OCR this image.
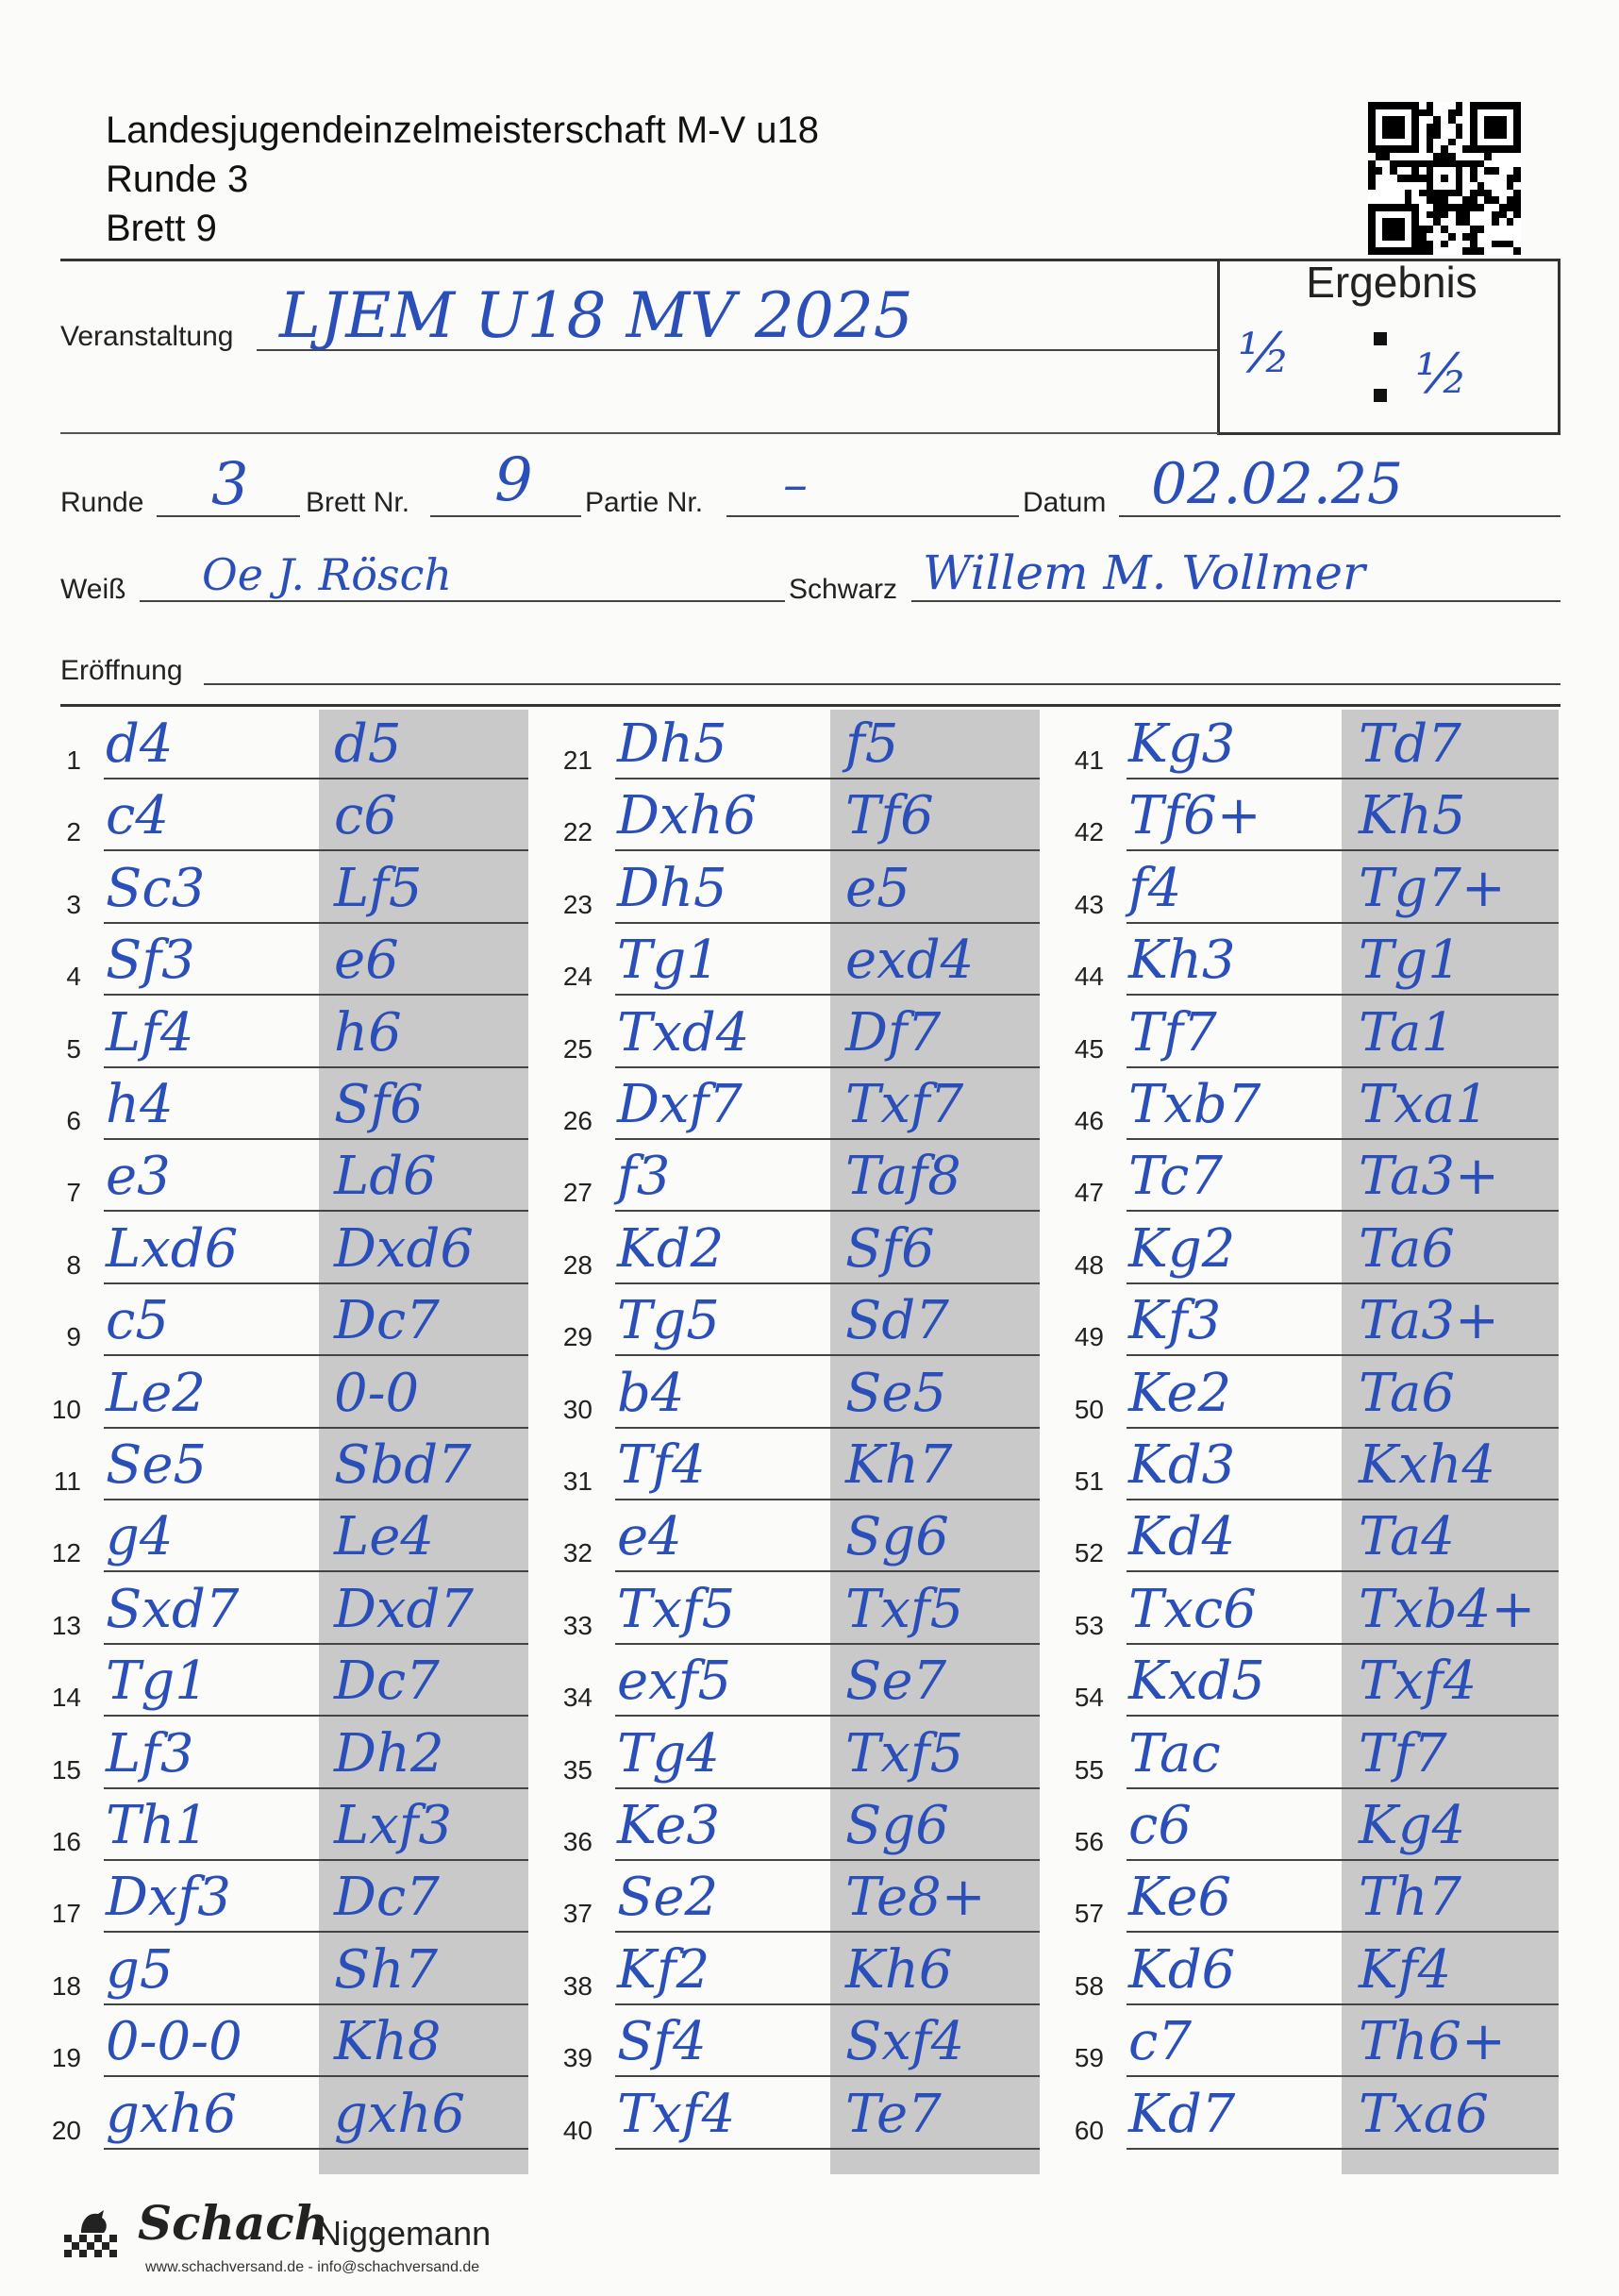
Landesjugendeinzelmeisterschaft M-V u18
Runde 3
Brett 9
Ergebnis
½ ½
Veranstaltung LJEM U18 MV 2025
Runde 3 Brett Nr. 9 Partie Nr. –	Datum 02.02.25
Weiß Oe J. Rösch	Schwarz Willem M. Vollmer
Eröffnung
1 d4	d5
2 c4	c6
3 Sc3 Lf5
4 Sf3	e6
5 Lf4	h6
6 h4	Sf6
7 e3	Ld6
8 Lxd6 Dxd6
9 c5	Dc7
10 Le2 0-0
11 Se5 Sbd7
12 g4	Le4
13 Sxd7 Dxd7
14 Tg1 Dc7
15 Lf3	Dh2
16 Th1 Lxf3
17 Dxf3 Dc7
18 g5	Sh7
19 0-0-0 Kh8
20 gxh6 gxh6
21 Dh5 f5
22 Dxh6 Tf6
23 Dh5 e5
24 Tg1 exd4
25 Txd4 Df7
26 Dxf7 Txf7
27 f3	Taf8
28 Kd2 Sf6
29 Tg5 Sd7
30 b4	Se5
31 Tf4	Kh7
32 e4	Sg6
33 Txf5 Txf5
34 exf5 Se7
35 Tg4 Txf5
36 Ke3 Sg6
37 Se2 Te8+
38 Kf2	Kh6
39 Sf4	Sxf4
40 Txf4 Te7
41 Kg3 Td7
42 Tf6+ Kh5
43 f4	Tg7+
44 Kh3 Tg1
45 Tf7	Ta1
46 Txb7 Txa1
47 Tc7	Ta3+
48 Kg2 Ta6
49 Kf3	Ta3+
50 Ke2 Ta6
51 Kd3 Kxh4
52 Kd4 Ta4
53 Txc6 Txb4+
54 Kxd5 Txf4
55 Tac	Tf7
56 c6	Kg4
57 Ke6 Th7
58 Kd6 Kf4
59 c7	Th6+
60 Kd7 Txa6
Schach
Niggemann
www.schachversand.de - info@schachversand.de
